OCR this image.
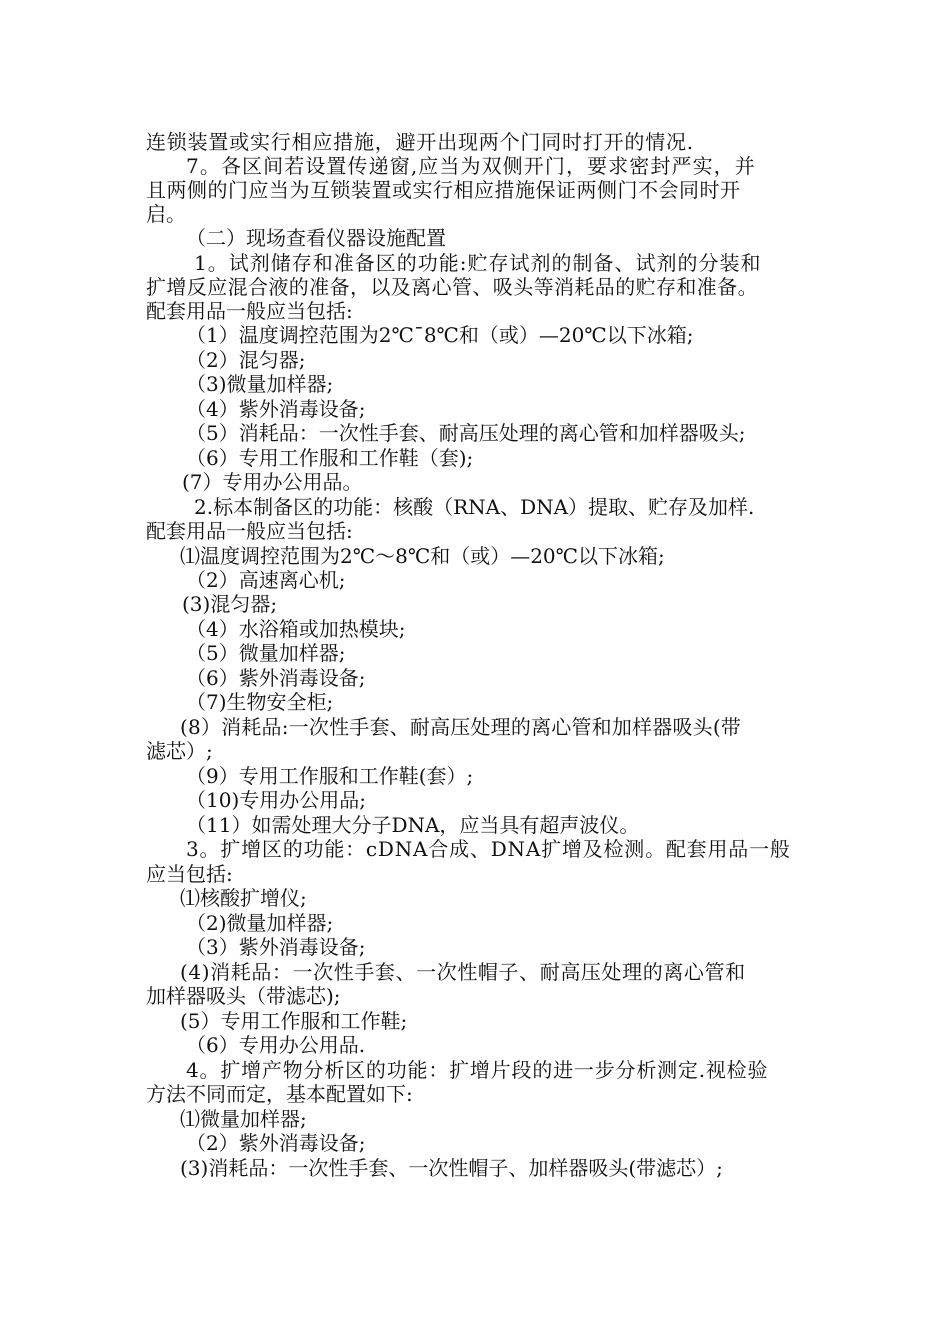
连锁装置或实行相应措施，避开出现两个门同时打开的情况.
7。各区间若设置传递窗,应当为双侧开门，要求密封严实，并
且两侧的门应当为互锁装置或实行相应措施保证两侧门不会同时开
启。
（二）现场查看仪器设施配置
1。试剂储存和准备区的功能:贮存试剂的制备、试剂的分装和
扩增反应混合液的准备，以及离心管、吸头等消耗品的贮存和准备。
配套用品一般应当包括:
（1）温度调控范围为2℃¯8℃和（或）—20℃以下冰箱;
（2）混匀器;
（3)微量加样器;
（4）紫外消毒设备;
（5）消耗品：一次性手套、耐高压处理的离心管和加样器吸头;
（6）专用工作服和工作鞋（套);
(7）专用办公用品。
2.标本制备区的功能：核酸（RNA、DNA）提取、贮存及加样.
配套用品一般应当包括:
⑴温度调控范围为2℃～8℃和（或）—20℃以下冰箱;
（2）高速离心机;
(3)混匀器;
（4）水浴箱或加热模块;
（5）微量加样器;
（6）紫外消毒设备;
（7)生物安全柜;
(8）消耗品:一次性手套、耐高压处理的离心管和加样器吸头(带
滤芯）;
（9）专用工作服和工作鞋(套）;
（10)专用办公用品;
（11）如需处理大分子DNA，应当具有超声波仪。
3。扩增区的功能：cDNA合成、DNA扩增及检测。配套用品一般
应当包括:
⑴核酸扩增仪;
（2)微量加样器;
（3）紫外消毒设备;
(4)消耗品：一次性手套、一次性帽子、耐高压处理的离心管和
加样器吸头（带滤芯);
(5）专用工作服和工作鞋;
（6）专用办公用品.
4。扩增产物分析区的功能：扩增片段的进一步分析测定.视检验
方法不同而定，基本配置如下:
⑴微量加样器;
（2）紫外消毒设备;
(3)消耗品：一次性手套、一次性帽子、加样器吸头(带滤芯）;
